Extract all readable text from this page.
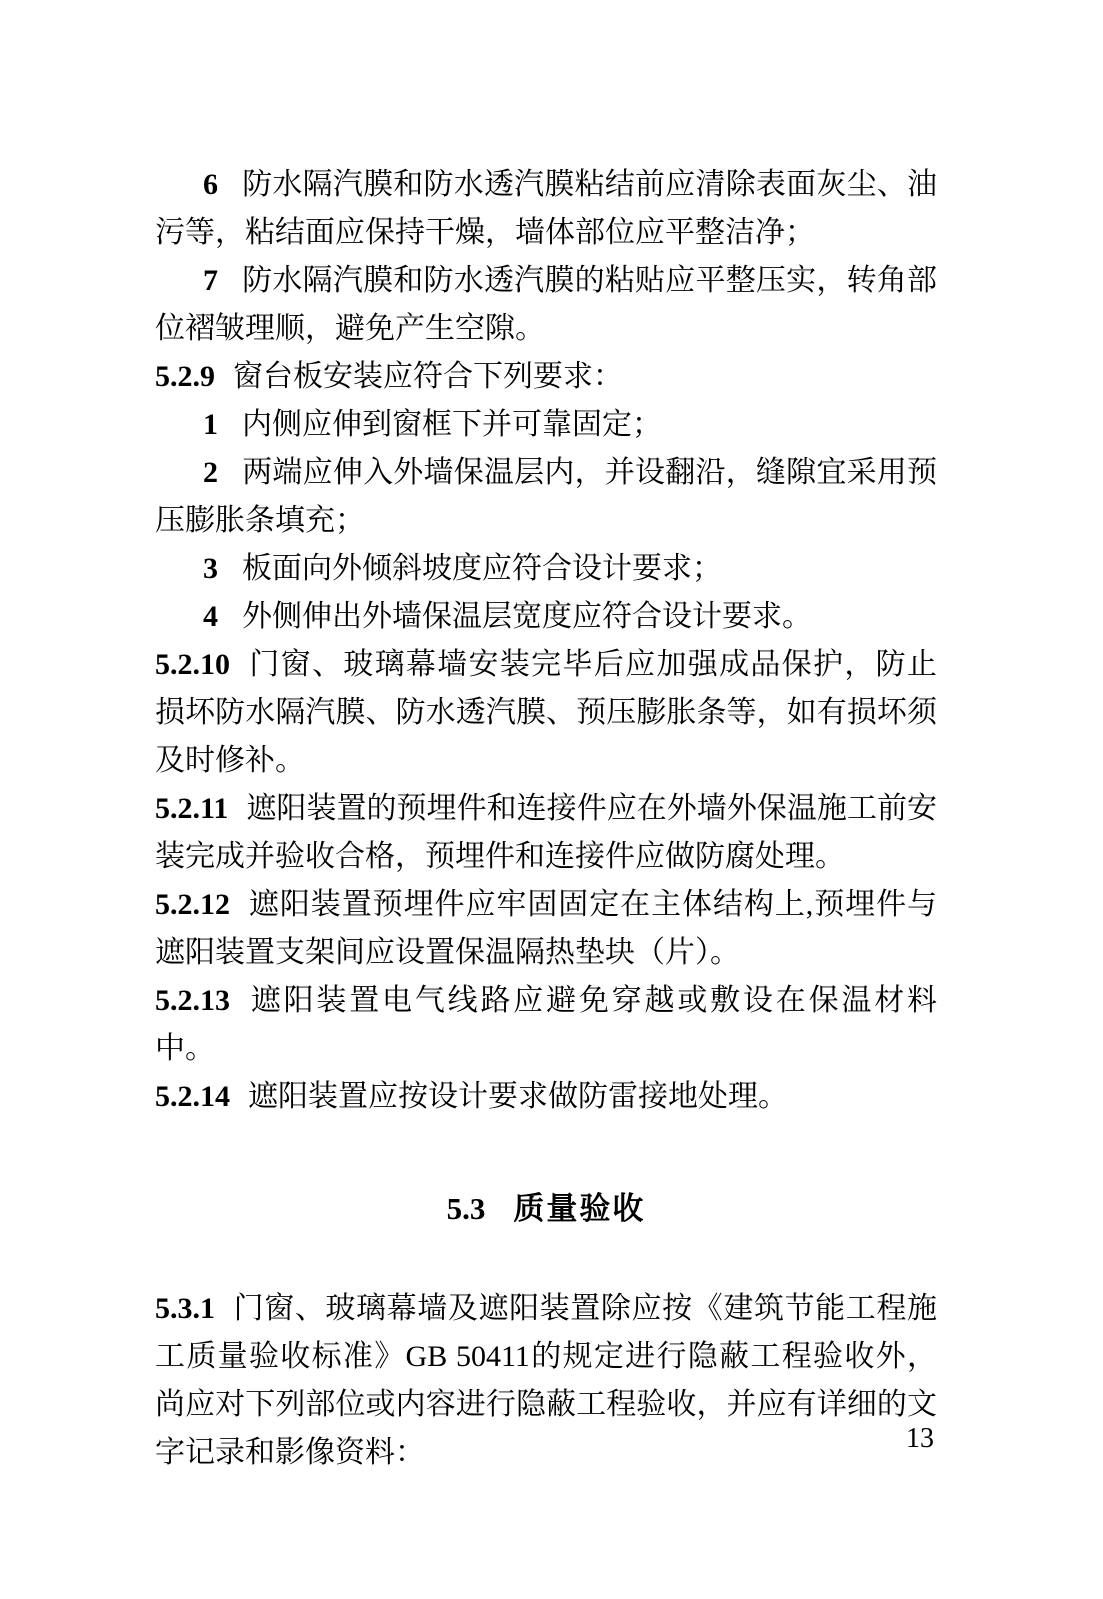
6 防水隔汽膜和防水透汽膜粘结前应清除表面灰尘、油污等，粘结面应保持干燥，墙体部位应平整洁净；

7 防水隔汽膜和防水透汽膜的粘贴应平整压实，转角部位褶皱理顺，避免产生空隙。

5.2.9 窗台板安装应符合下列要求：

1 内侧应伸到窗框下并可靠固定；

2 两端应伸入外墙保温层内，并设翻沿，缝隙宜采用预压膨胀条填充；

3 板面向外倾斜坡度应符合设计要求；

4 外侧伸出外墙保温层宽度应符合设计要求。

5.2.10 门窗、玻璃幕墙安装完毕后应加强成品保护，防止损坏防水隔汽膜、防水透汽膜、预压膨胀条等，如有损坏须及时修补。

5.2.11 遮阳装置的预埋件和连接件应在外墙外保温施工前安装完成并验收合格，预埋件和连接件应做防腐处理。

5.2.12 遮阳装置预埋件应牢固固定在主体结构上,预埋件与遮阳装置支架间应设置保温隔热垫块（片）。

5.2.13 遮阳装置电气线路应避免穿越或敷设在保温材料中。

5.2.14 遮阳装置应按设计要求做防雷接地处理。

5.3 质量验收

5.3.1 门窗、玻璃幕墙及遮阳装置除应按《建筑节能工程施工质量验收标准》GB 50411的规定进行隐蔽工程验收外，尚应对下列部位或内容进行隐蔽工程验收，并应有详细的文字记录和影像资料：	13
